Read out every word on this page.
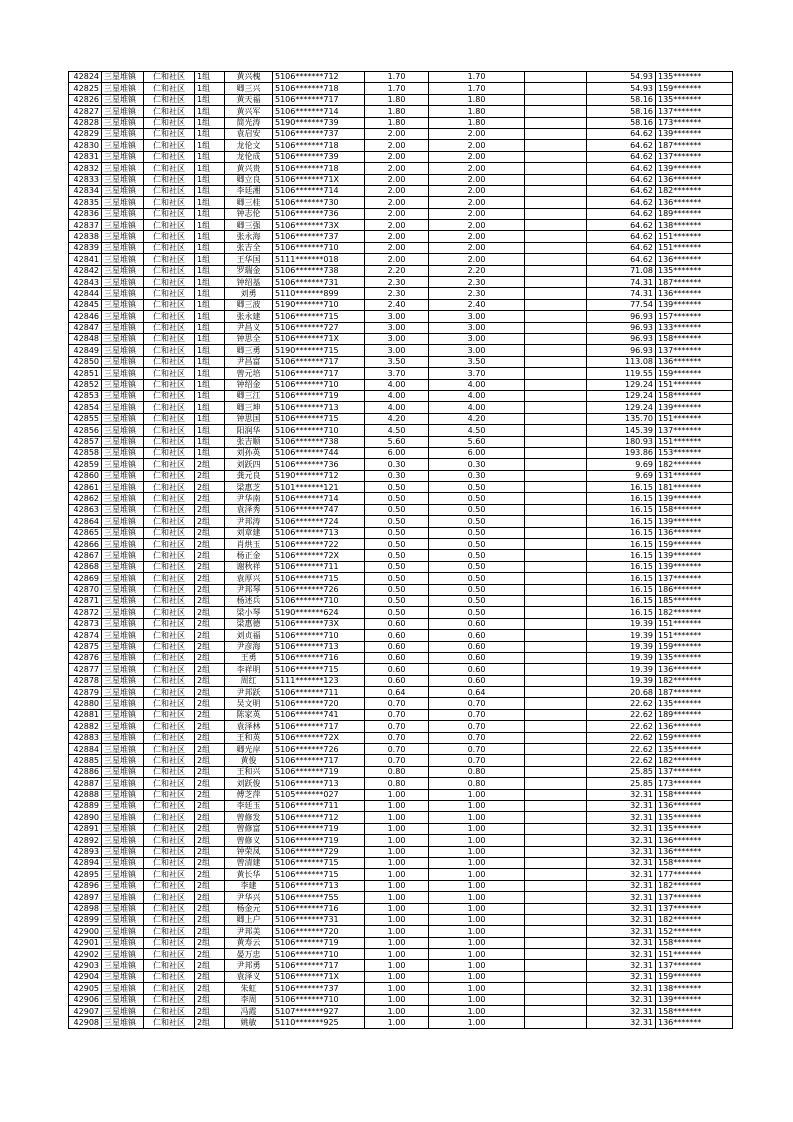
42824	三星堆镇	仁和社区	1组	黄兴槐	5106*******712	1.70	1.70		54.93	135*******
42825	三星堆镇	仁和社区	1组	卿三兴	5106*******718	1.70	1.70		54.93	159*******
42826	三星堆镇	仁和社区	1组	黄天福	5106*******717	1.80	1.80		58.16	135*******
42827	三星堆镇	仁和社区	1组	黄兴军	5106*******714	1.80	1.80		58.16	137*******
42828	三星堆镇	仁和社区	1组	简光涛	5190*******739	1.80	1.80		58.16	173*******
42829	三星堆镇	仁和社区	1组	袁启安	5106*******737	2.00	2.00		64.62	139*******
42830	三星堆镇	仁和社区	1组	龙伦文	5106*******718	2.00	2.00		64.62	187*******
42831	三星堆镇	仁和社区	1组	龙伦成	5106*******739	2.00	2.00		64.62	137*******
42832	三星堆镇	仁和社区	1组	黄兴贵	5106*******718	2.00	2.00		64.62	139*******
42833	三星堆镇	仁和社区	1组	卿立良	5106*******71X	2.00	2.00		64.62	136*******
42834	三星堆镇	仁和社区	1组	李廷湘	5106*******714	2.00	2.00		64.62	182*******
42835	三星堆镇	仁和社区	1组	卿三桂	5106*******730	2.00	2.00		64.62	136*******
42836	三星堆镇	仁和社区	1组	钟志伦	5106*******736	2.00	2.00		64.62	189*******
42837	三星堆镇	仁和社区	1组	卿三强	5106*******73X	2.00	2.00		64.62	138*******
42838	三星堆镇	仁和社区	1组	张永海	5106*******737	2.00	2.00		64.62	151*******
42839	三星堆镇	仁和社区	1组	张吉全	5106*******710	2.00	2.00		64.62	151*******
42841	三星堆镇	仁和社区	1组	王华国	5111*******018	2.00	2.00		64.62	136*******
42842	三星堆镇	仁和社区	1组	罗瑞金	5106*******738	2.20	2.20		71.08	135*******
42843	三星堆镇	仁和社区	1组	钟绍基	5106*******731	2.30	2.30		74.31	187*******
42844	三星堆镇	仁和社区	1组	刘勇	5110*******899	2.30	2.30		74.31	136*******
42845	三星堆镇	仁和社区	1组	卿三波	5190*******710	2.40	2.40		77.54	139*******
42846	三星堆镇	仁和社区	1组	张永建	5106*******715	3.00	3.00		96.93	157*******
42847	三星堆镇	仁和社区	1组	尹昌义	5106*******727	3.00	3.00		96.93	133*******
42848	三星堆镇	仁和社区	1组	钟思全	5106*******71X	3.00	3.00		96.93	158*******
42849	三星堆镇	仁和社区	1组	卿三勇	5190*******715	3.00	3.00		96.93	137*******
42850	三星堆镇	仁和社区	1组	尹昌富	5106*******717	3.50	3.50		113.08	136*******
42851	三星堆镇	仁和社区	1组	曾元培	5106*******717	3.70	3.70		119.55	159*******
42852	三星堆镇	仁和社区	1组	钟绍金	5106*******710	4.00	4.00		129.24	151*******
42853	三星堆镇	仁和社区	1组	卿三江	5106*******719	4.00	4.00		129.24	158*******
42854	三星堆镇	仁和社区	1组	卿三坤	5106*******713	4.00	4.00		129.24	139*******
42855	三星堆镇	仁和社区	1组	钟思国	5106*******715	4.20	4.20		135.70	151*******
42856	三星堆镇	仁和社区	1组	阳润华	5106*******710	4.50	4.50		145.39	137*******
42857	三星堆镇	仁和社区	1组	张吉顺	5106*******738	5.60	5.60		180.93	151*******
42858	三星堆镇	仁和社区	1组	刘孙英	5106*******744	6.00	6.00		193.86	153*******
42859	三星堆镇	仁和社区	2组	刘跃四	5106*******736	0.30	0.30		9.69	182*******
42860	三星堆镇	仁和社区	2组	龚元良	5190*******712	0.30	0.30		9.69	131*******
42861	三星堆镇	仁和社区	2组	梁惠芝	5101*******121	0.50	0.50		16.15	181*******
42862	三星堆镇	仁和社区	2组	尹华南	5106*******714	0.50	0.50		16.15	139*******
42863	三星堆镇	仁和社区	2组	袁泽秀	5106*******747	0.50	0.50		16.15	158*******
42864	三星堆镇	仁和社区	2组	尹邦涛	5106*******724	0.50	0.50		16.15	139*******
42865	三星堆镇	仁和社区	2组	刘章建	5106*******713	0.50	0.50		16.15	136*******
42866	三星堆镇	仁和社区	2组	肖烘玉	5106*******722	0.50	0.50		16.15	159*******
42867	三星堆镇	仁和社区	2组	杨正金	5106*******72X	0.50	0.50		16.15	139*******
42868	三星堆镇	仁和社区	2组	谢秋祥	5106*******711	0.50	0.50		16.15	139*******
42869	三星堆镇	仁和社区	2组	袁厚兴	5106*******715	0.50	0.50		16.15	137*******
42870	三星堆镇	仁和社区	2组	尹邦琴	5106*******726	0.50	0.50		16.15	186*******
42871	三星堆镇	仁和社区	2组	杨述兵	5106*******710	0.50	0.50		16.15	185*******
42872	三星堆镇	仁和社区	2组	梁小琴	5190*******624	0.50	0.50		16.15	182*******
42873	三星堆镇	仁和社区	2组	梁惠德	5106*******73X	0.60	0.60		19.39	151*******
42874	三星堆镇	仁和社区	2组	刘贞福	5106*******710	0.60	0.60		19.39	151*******
42875	三星堆镇	仁和社区	2组	尹彦海	5106*******713	0.60	0.60		19.39	159*******
42876	三星堆镇	仁和社区	2组	王勇	5106*******716	0.60	0.60		19.39	135*******
42877	三星堆镇	仁和社区	2组	李祥明	5106*******715	0.60	0.60		19.39	136*******
42878	三星堆镇	仁和社区	2组	周红	5111*******123	0.60	0.60		19.39	182*******
42879	三星堆镇	仁和社区	2组	尹邦跃	5106*******711	0.64	0.64		20.68	187*******
42880	三星堆镇	仁和社区	2组	吴文明	5106*******720	0.70	0.70		22.62	135*******
42881	三星堆镇	仁和社区	2组	陈家英	5106*******741	0.70	0.70		22.62	189*******
42882	三星堆镇	仁和社区	2组	袁泽林	5106*******717	0.70	0.70		22.62	136*******
42883	三星堆镇	仁和社区	2组	王和英	5106*******72X	0.70	0.70		22.62	159*******
42884	三星堆镇	仁和社区	2组	卿光岸	5106*******726	0.70	0.70		22.62	135*******
42885	三星堆镇	仁和社区	2组	黄俊	5106*******717	0.70	0.70		22.62	182*******
42886	三星堆镇	仁和社区	2组	王和兴	5106*******719	0.80	0.80		25.85	137*******
42887	三星堆镇	仁和社区	2组	刘跃俊	5106*******713	0.80	0.80		25.85	173*******
42888	三星堆镇	仁和社区	2组	傅芝萍	5105*******027	1.00	1.00		32.31	158*******
42889	三星堆镇	仁和社区	2组	李廷玉	5106*******711	1.00	1.00		32.31	136*******
42890	三星堆镇	仁和社区	2组	曾修发	5106*******712	1.00	1.00		32.31	135*******
42891	三星堆镇	仁和社区	2组	曾修富	5106*******719	1.00	1.00		32.31	135*******
42892	三星堆镇	仁和社区	2组	曾修义	5106*******719	1.00	1.00		32.31	136*******
42893	三星堆镇	仁和社区	2组	钟荣凤	5106*******729	1.00	1.00		32.31	136*******
42894	三星堆镇	仁和社区	2组	曾清建	5106*******715	1.00	1.00		32.31	158*******
42895	三星堆镇	仁和社区	2组	黄长华	5106*******715	1.00	1.00		32.31	177*******
42896	三星堆镇	仁和社区	2组	李建	5106*******713	1.00	1.00		32.31	182*******
42897	三星堆镇	仁和社区	2组	尹华兴	5106*******755	1.00	1.00		32.31	137*******
42898	三星堆镇	仁和社区	2组	杨金元	5106*******716	1.00	1.00		32.31	137*******
42899	三星堆镇	仁和社区	2组	卿上户	5106*******731	1.00	1.00		32.31	182*******
42900	三星堆镇	仁和社区	2组	尹邦美	5106*******720	1.00	1.00		32.31	152*******
42901	三星堆镇	仁和社区	2组	黄寿云	5106*******719	1.00	1.00		32.31	158*******
42902	三星堆镇	仁和社区	2组	晏万忠	5106*******710	1.00	1.00		32.31	151*******
42903	三星堆镇	仁和社区	2组	尹邦勇	5106*******717	1.00	1.00		32.31	137*******
42904	三星堆镇	仁和社区	2组	袁泽义	5106*******71X	1.00	1.00		32.31	159*******
42905	三星堆镇	仁和社区	2组	朱虹	5106*******737	1.00	1.00		32.31	138*******
42906	三星堆镇	仁和社区	2组	李周	5106*******710	1.00	1.00		32.31	139*******
42907	三星堆镇	仁和社区	2组	冯霞	5107*******927	1.00	1.00		32.31	158*******
42908	三星堆镇	仁和社区	2组	姚敏	5110*******925	1.00	1.00		32.31	136*******
